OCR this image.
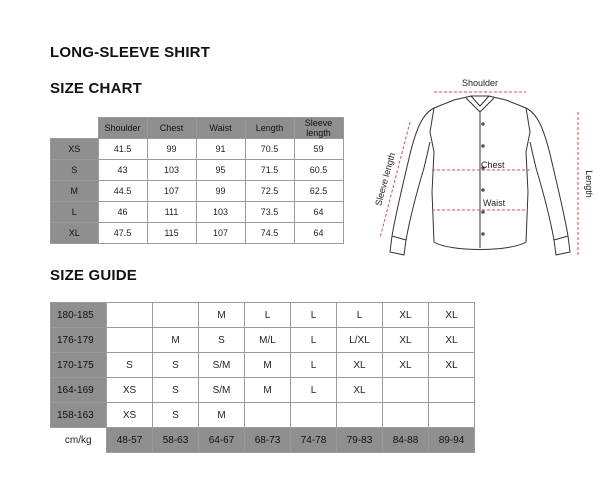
LONG-SLEEVE SHIRT
SIZE CHART
SIZE GUIDE
	Shoulder	Chest	Waist	Length	Sleeve length
XS	41.5	99	91	70.5	59
S	43	103	95	71.5	60.5
M	44.5	107	99	72.5	62.5
L	46	111	103	73.5	64
XL	47.5	115	107	74.5	64
Shoulder
Chest
Waist
Length
Sleeve length
180-185			M	L	L	L	XL	XL
176-179		M	S	M/L	L	L/XL	XL	XL
170-175	S	S	S/M	M	L	XL	XL	XL
164-169	XS	S	S/M	M	L	XL		
158-163	XS	S	M					
cm/kg	48-57	58-63	64-67	68-73	74-78	79-83	84-88	89-94
